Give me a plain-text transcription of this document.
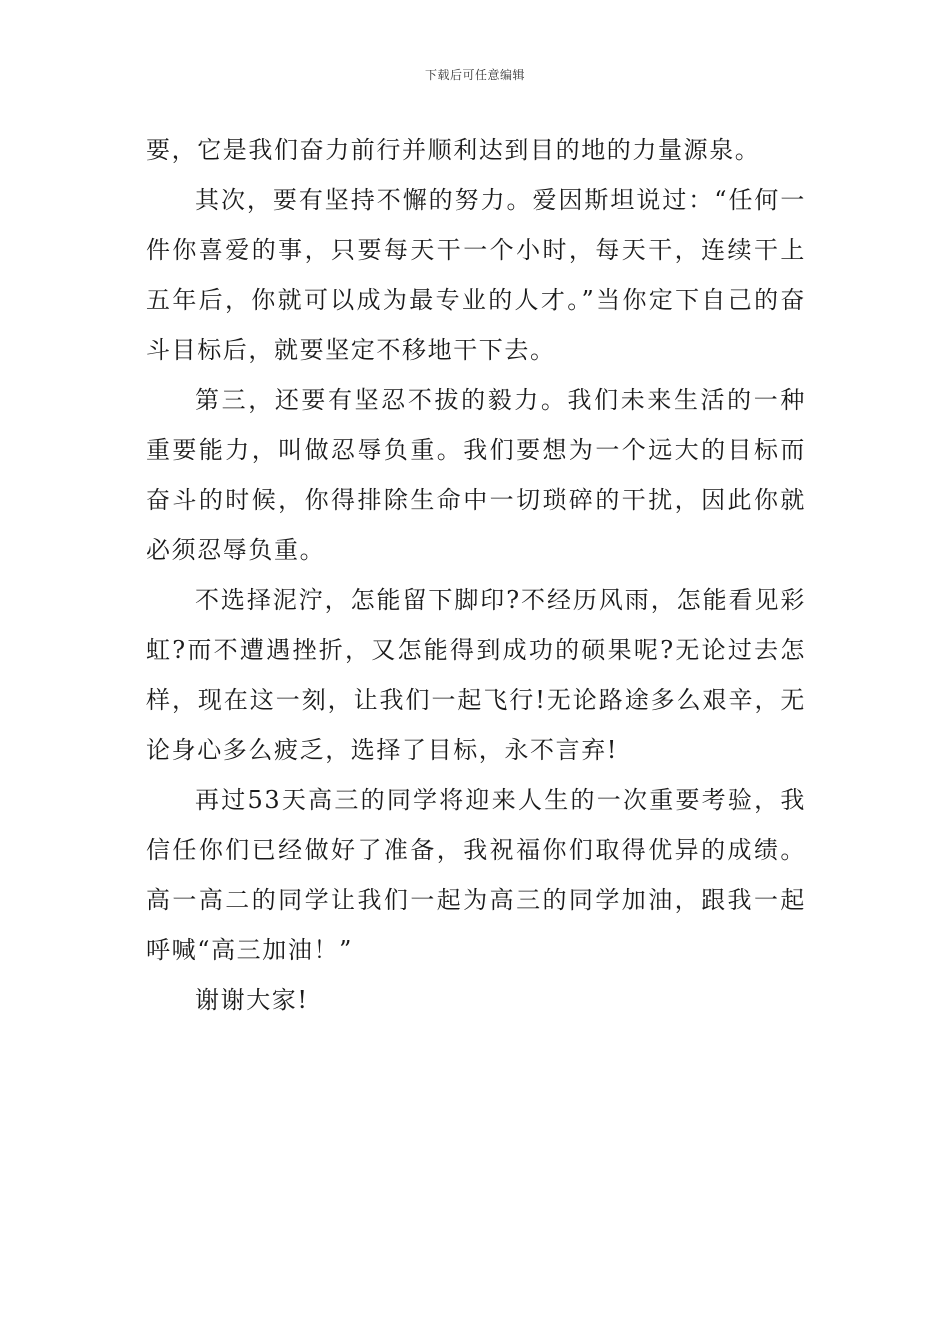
下载后可任意编辑

要，它是我们奋力前行并顺利达到目的地的力量源泉。

其次，要有坚持不懈的努力。爱因斯坦说过：“任何一件你喜爱的事，只要每天干一个小时，每天干，连续干上五年后，你就可以成为最专业的人才。”当你定下自己的奋斗目标后，就要坚定不移地干下去。

第三，还要有坚忍不拔的毅力。我们未来生活的一种重要能力，叫做忍辱负重。我们要想为一个远大的目标而奋斗的时候，你得排除生命中一切琐碎的干扰，因此你就必须忍辱负重。

不选择泥泞，怎能留下脚印?不经历风雨，怎能看见彩虹?而不遭遇挫折，又怎能得到成功的硕果呢?无论过去怎样，现在这一刻，让我们一起飞行!无论路途多么艰辛，无论身心多么疲乏，选择了目标，永不言弃!

再过53天高三的同学将迎来人生的一次重要考验，我信任你们已经做好了准备，我祝福你们取得优异的成绩。高一高二的同学让我们一起为高三的同学加油，跟我一起呼喊“高三加油！”

谢谢大家!
